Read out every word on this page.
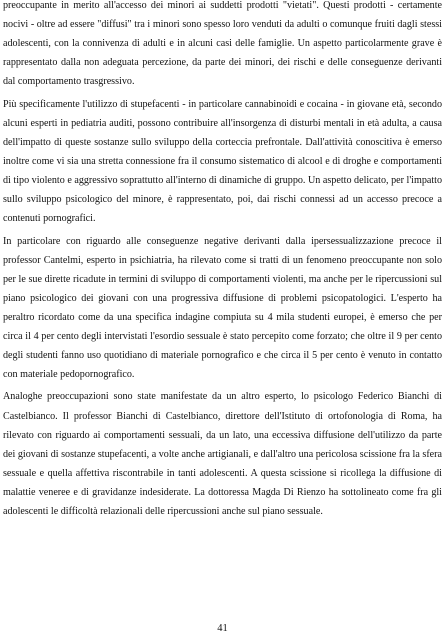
preoccupante in merito all'accesso dei minori ai suddetti prodotti "vietati". Questi prodotti - certamente nocivi - oltre ad essere "diffusi" tra i minori sono spesso loro venduti da adulti o comunque fruiti dagli stessi adolescenti, con la connivenza di adulti e in alcuni casi delle famiglie. Un aspetto particolarmente grave è rappresentato dalla non adeguata percezione, da parte dei minori, dei rischi e delle conseguenze derivanti dal comportamento trasgressivo.

Più specificamente l'utilizzo di stupefacenti - in particolare cannabinoidi e cocaina - in giovane età, secondo alcuni esperti in pediatria auditi, possono contribuire all'insorgenza di disturbi mentali in età adulta, a causa dell'impatto di queste sostanze sullo sviluppo della corteccia prefrontale. Dall'attività conoscitiva è emerso inoltre come vi sia una stretta connessione fra il consumo sistematico di alcool e di droghe e comportamenti di tipo violento e aggressivo soprattutto all'interno di dinamiche di gruppo. Un aspetto delicato, per l'impatto sullo sviluppo psicologico del minore, è rappresentato, poi, dai rischi connessi ad un accesso precoce a contenuti pornografici.

In particolare con riguardo alle conseguenze negative derivanti dalla ipersessualizzazione precoce il professor Cantelmi, esperto in psichiatria, ha rilevato come si tratti di un fenomeno preoccupante non solo per le sue dirette ricadute in termini di sviluppo di comportamenti violenti, ma anche per le ripercussioni sul piano psicologico dei giovani con una progressiva diffusione di problemi psicopatologici. L'esperto ha peraltro ricordato come da una specifica indagine compiuta su 4 mila studenti europei, è emerso che per circa il 4 per cento degli intervistati l'esordio sessuale è stato percepito come forzato; che oltre il 9 per cento degli studenti fanno uso quotidiano di materiale pornografico e che circa il 5 per cento è venuto in contatto con materiale pedopornografico.

Analoghe preoccupazioni sono state manifestate da un altro esperto, lo psicologo Federico Bianchi di Castelbianco. Il professor Bianchi di Castelbianco, direttore dell'Istituto di ortofonologia di Roma, ha rilevato con riguardo ai comportamenti sessuali, da un lato, una eccessiva diffusione dell'utilizzo da parte dei giovani di sostanze stupefacenti, a volte anche artigianali, e dall'altro una pericolosa scissione fra la sfera sessuale e quella affettiva riscontrabile in tanti adolescenti. A questa scissione si ricollega la diffusione di malattie veneree e di gravidanze indesiderate. La dottoressa Magda Di Rienzo ha sottolineato come fra gli adolescenti le difficoltà relazionali delle ripercussioni anche sul piano sessuale.

41
